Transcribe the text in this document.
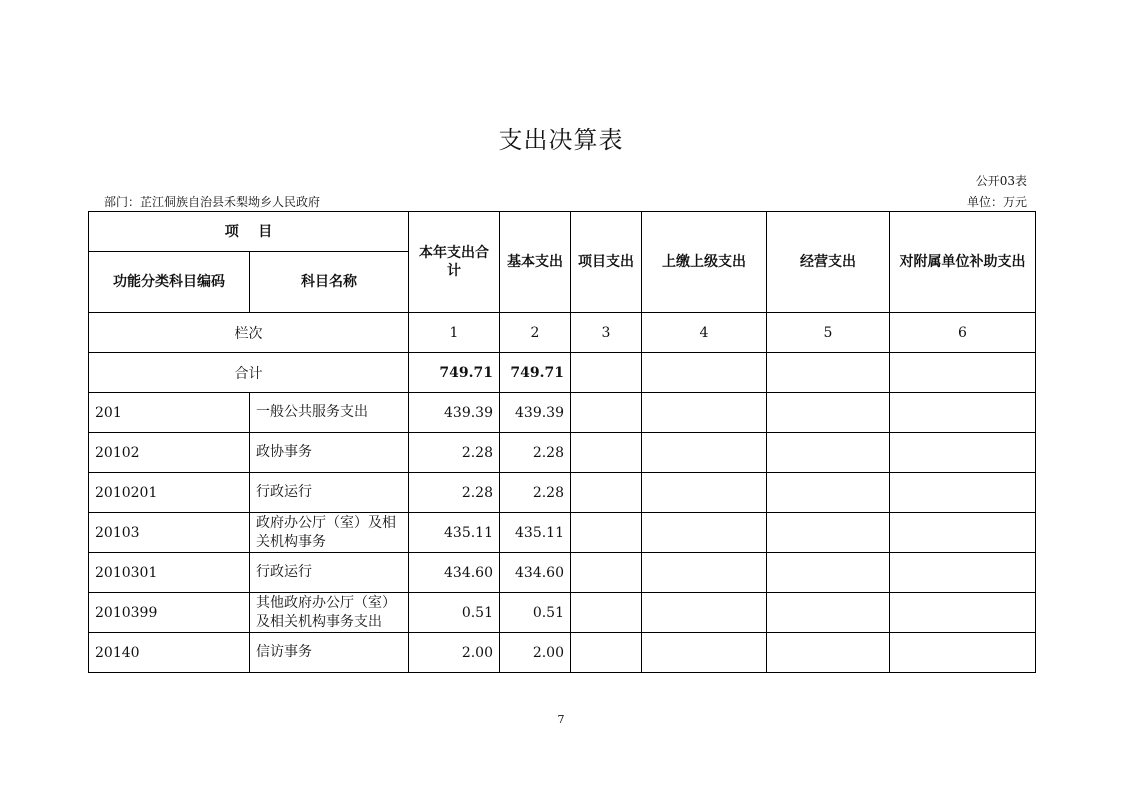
支出决算表
公开03表
部门：芷江侗族自治县禾梨坳乡人民政府	单位：万元
项    目		本年支出合计	基本支出	项目支出	上缴上级支出	经营支出	对附属单位补助支出
功能分类科目编码	科目名称						
栏次		1	2	3	4	5	6
合计		749.71	749.71				
201	一般公共服务支出	439.39	439.39				
20102	政协事务	2.28	2.28				
2010201	行政运行	2.28	2.28				
20103	政府办公厅（室）及相关机构事务	435.11	435.11				
2010301	行政运行	434.60	434.60				
2010399	其他政府办公厅（室）及相关机构事务支出	0.51	0.51				
20140	信访事务	2.00	2.00				
7
